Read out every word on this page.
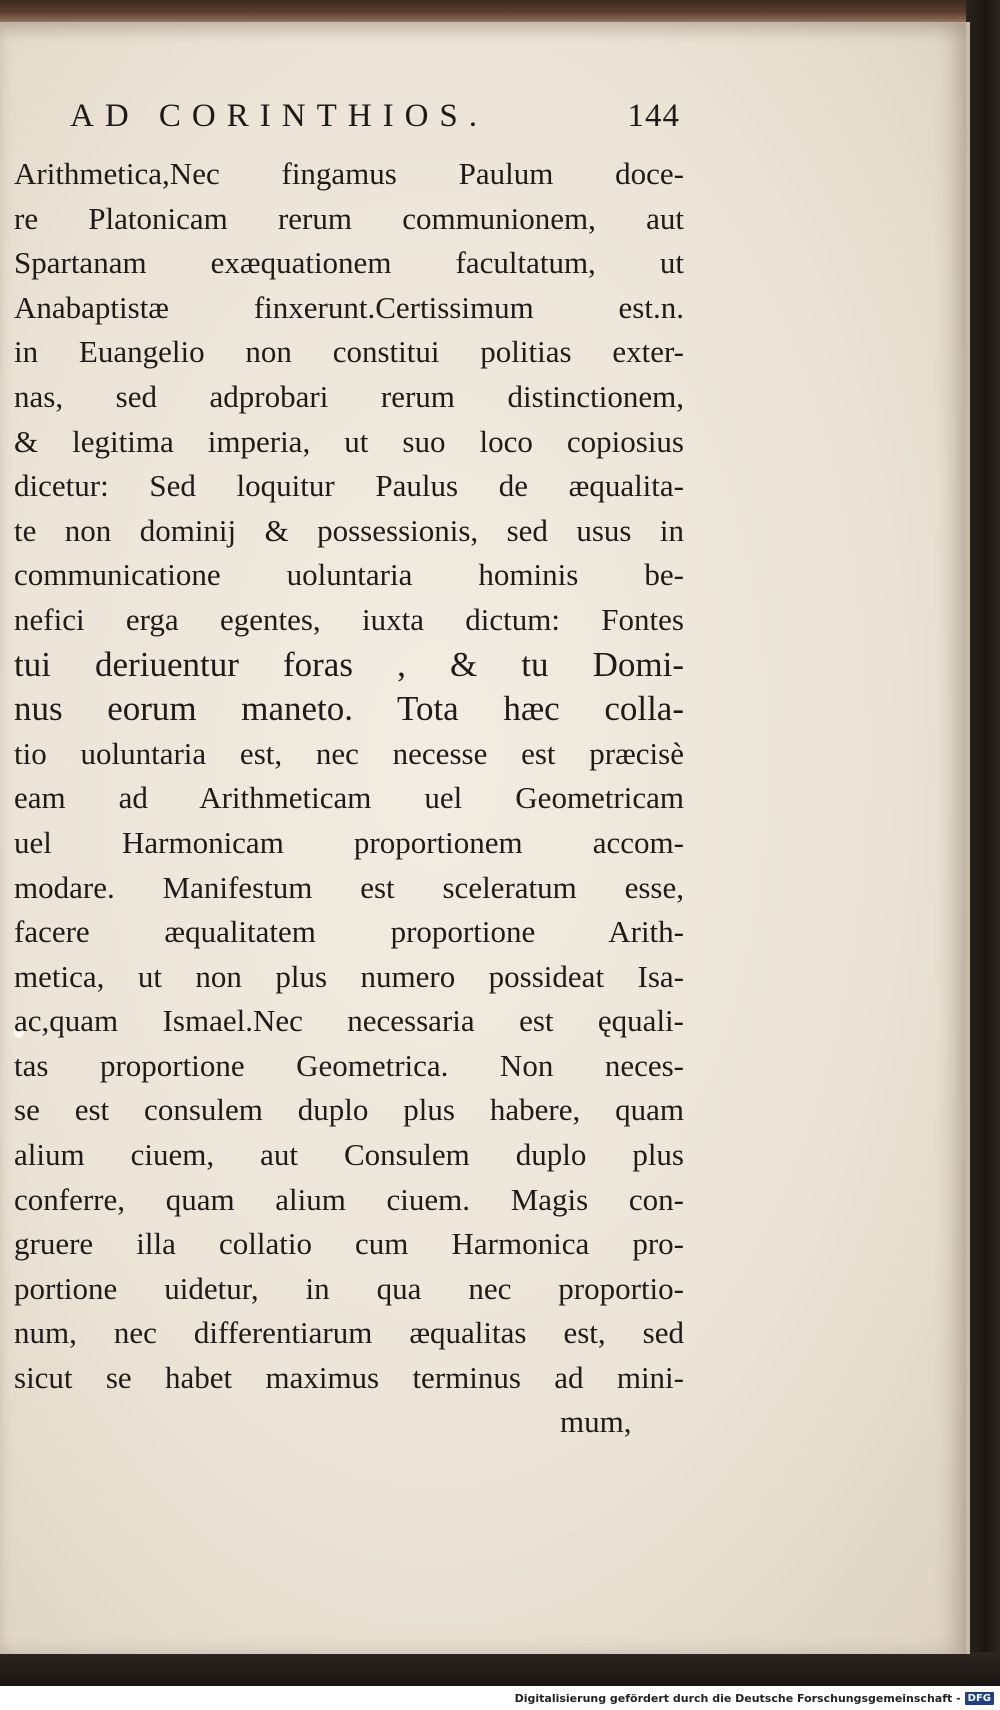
AD CORINTHIOS.	144
Arithmetica,Nec fingamus Paulum doce-
re Platonicam rerum communionem, aut
Spartanam exæquationem facultatum, ut
Anabaptistæ finxerunt.Certissimum est.n.
in Euangelio non constitui politias exter-
nas, sed adprobari rerum distinctionem,
& legitima imperia, ut suo loco copiosius
dicetur: Sed loquitur Paulus de æqualita-
te non dominij & possessionis, sed usus in
communicatione uoluntaria hominis be-
nefici erga egentes, iuxta dictum: Fontes
tui deriuentur foras , & tu Domi-
nus eorum maneto. Tota hæc colla-
tio uoluntaria est, nec necesse est præcisè
eam ad Arithmeticam uel Geometricam
uel Harmonicam proportionem accom-
modare. Manifestum est sceleratum esse,
facere æqualitatem proportione Arith-
metica, ut non plus numero possideat Isa-
ac,quam Ismael.Nec necessaria est ęquali-
tas proportione Geometrica. Non neces-
se est consulem duplo plus habere, quam
alium ciuem, aut Consulem duplo plus
conferre, quam alium ciuem. Magis con-
gruere illa collatio cum Harmonica pro-
portione uidetur, in qua nec proportio-
num, nec differentiarum æqualitas est, sed
sicut se habet maximus terminus ad mini-
mum,
Digitalisierung gefördert durch die Deutsche Forschungsgemeinschaft - DFG
